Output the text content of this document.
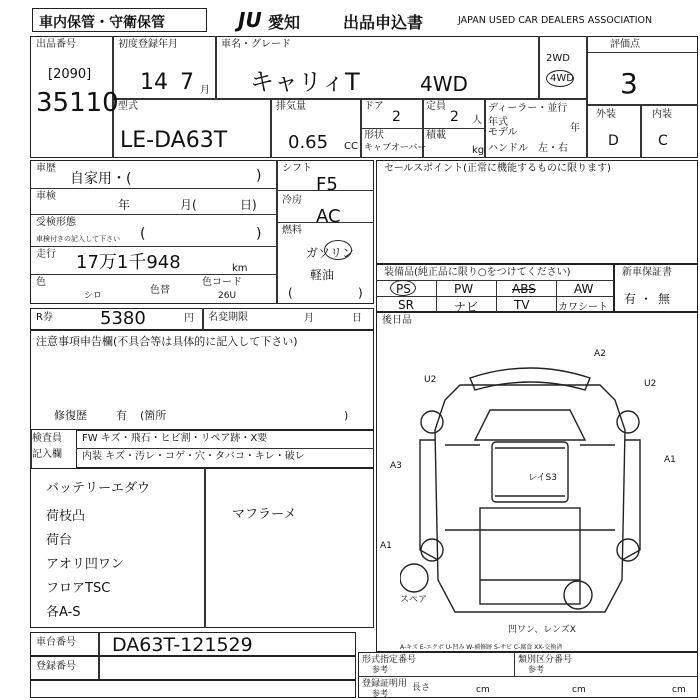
車内保管・守衛保管	JU 愛知	出品申込書	JAPAN USED CAR DEALERS ASSOCIATION
出品番号
[2090]
35110
初度登録年月
14 7 月
車名・グレード
キャリィT	4WD
2WD
4WD
評価点
3
外装	内装
D	C
型式
LE-DA63T
排気量
0.65 CC
ドア
2
定員
2 人
形状
キャブオーバー
積載
kg
ディーラー・並行
年式
モデル	年
ハンドル 左・右
車歴
自家用・(	)
車検
年	月(	日)
受検形態
車検付きの記入して下さい (	)
走行 17万1千948	km
色
シロ	色替
色コード
26U
シフト
F5
冷房
AC
燃料
ガソリン
軽油
(	)
セールスポイント(正常に機能するものに限ります)
装備品(純正品に限り○をつけてください)
PS	PW	ABS	AW
SR	ナビ	TV	カワシート
新車保証書
有 ・ 無
R券	5380	円 名変期限	月	日
注意事項申告欄(不具合等は具体的に記入して下さい)
修復歴	有 (箇所	)
検査員
記入欄
FW キズ・飛石・ヒビ割・リペア跡・X要
内装 キズ・汚レ・コゲ・穴・タバコ・キレ・破レ
バッテリーエダウ
荷枝凸
荷台
アオリ凹ワン
フロアTSC
各A-S
マフラーメ
後日品
A2
U2	U2
A3
A1
A1
レイS3
スペア
凹ワン、レンズX
A-キズ E-エクボ U-凹み W-補修跡 S-サビ C-腐食 XX-交換済
車台番号 DA63T-121529
登録番号
形式指定番号
参考
類別区分番号
参考
登録証明用
参考
長さ	cm	cm	cm
